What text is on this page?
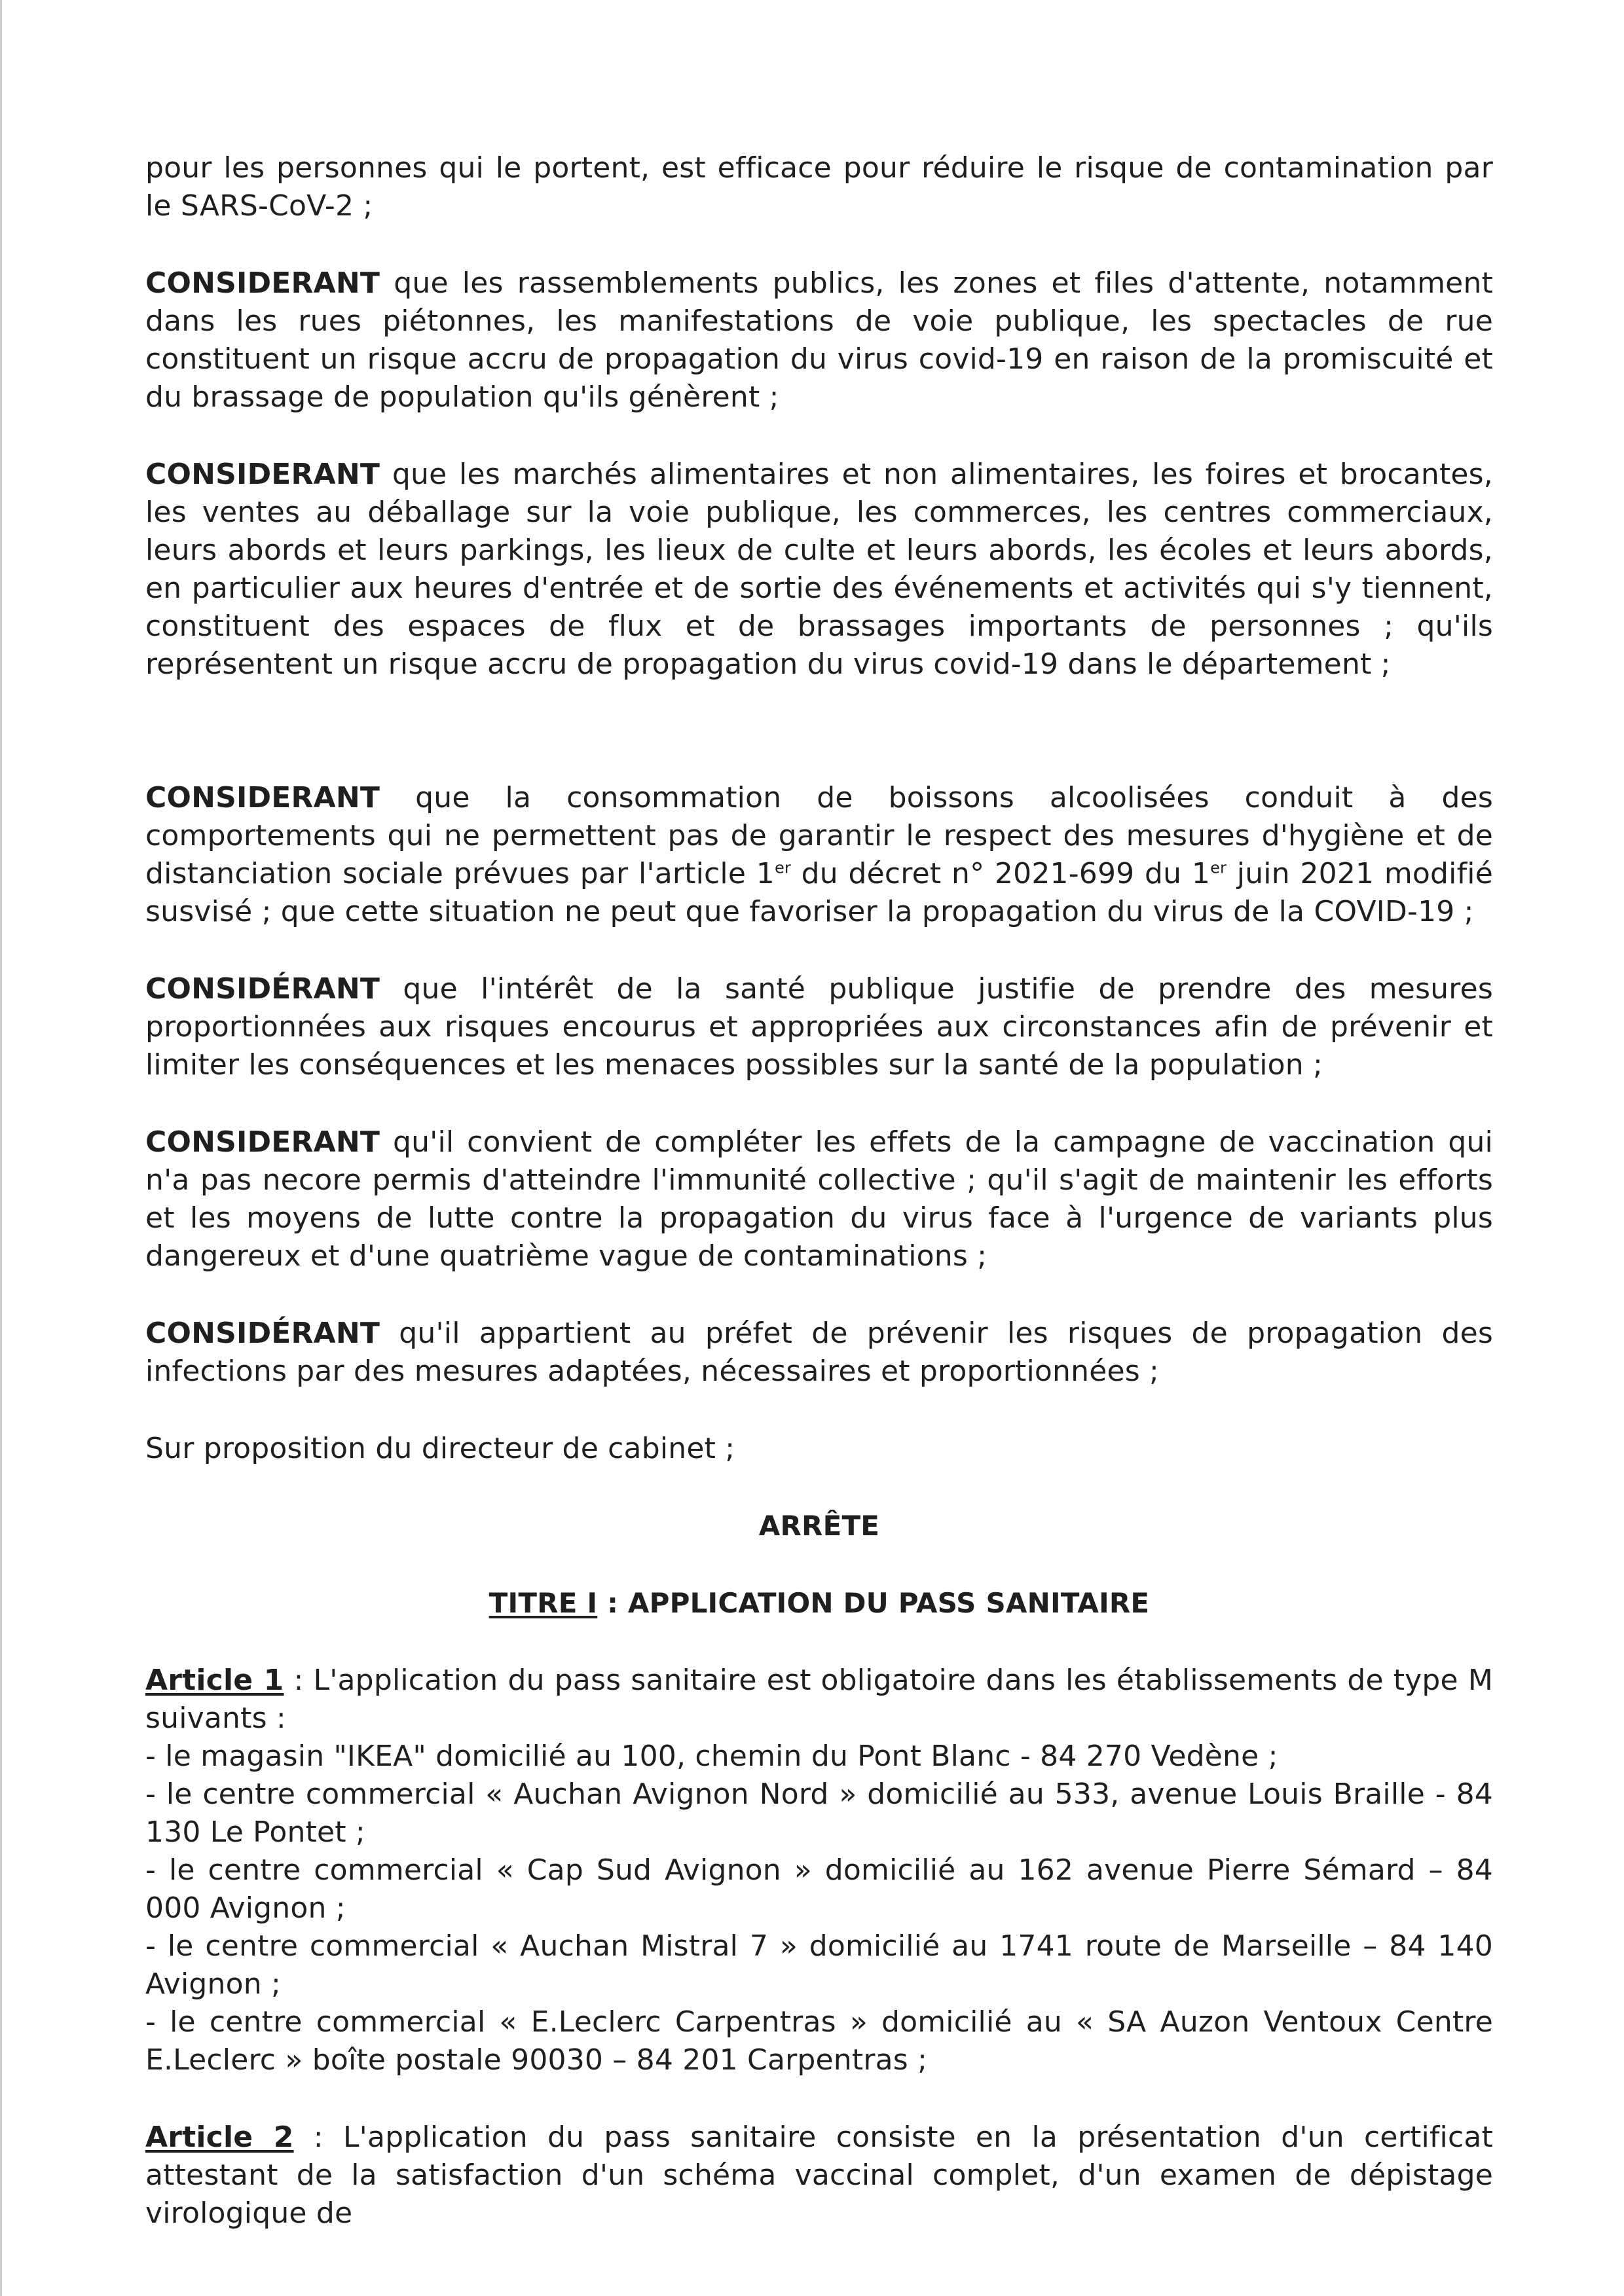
pour les personnes qui le portent, est efficace pour réduire le risque de contamination par le SARS-CoV-2 ;

CONSIDERANT que les rassemblements publics, les zones et files d'attente, notamment dans les rues piétonnes, les manifestations de voie publique, les spectacles de rue constituent un risque accru de propagation du virus covid-19 en raison de la promiscuité et du brassage de population qu'ils génèrent ;

CONSIDERANT que les marchés alimentaires et non alimentaires, les foires et brocantes, les ventes au déballage sur la voie publique, les commerces, les centres commerciaux, leurs abords et leurs parkings, les lieux de culte et leurs abords, les écoles et leurs abords, en particulier aux heures d'entrée et de sortie des événements et activités qui s'y tiennent, constituent des espaces de flux et de brassages importants de personnes ; qu'ils représentent un risque accru de propagation du virus covid-19 dans le département ;

CONSIDERANT que la consommation de boissons alcoolisées conduit à des comportements qui ne permettent pas de garantir le respect des mesures d'hygiène et de distanciation sociale prévues par l'article 1er du décret n° 2021-699 du 1er juin 2021 modifié susvisé ; que cette situation ne peut que favoriser la propagation du virus de la COVID-19 ;

CONSIDÉRANT que l'intérêt de la santé publique justifie de prendre des mesures proportionnées aux risques encourus et appropriées aux circonstances afin de prévenir et limiter les conséquences et les menaces possibles sur la santé de la population ;

CONSIDERANT qu'il convient de compléter les effets de la campagne de vaccination qui n'a pas necore permis d'atteindre l'immunité collective ; qu'il s'agit de maintenir les efforts et les moyens de lutte contre la propagation du virus face à l'urgence de variants plus dangereux et d'une quatrième vague de contaminations ;

CONSIDÉRANT qu'il appartient au préfet de prévenir les risques de propagation des infections par des mesures adaptées, nécessaires et proportionnées ;

Sur proposition du directeur de cabinet ;

ARRÊTE

TITRE I : APPLICATION DU PASS SANITAIRE

Article 1 : L'application du pass sanitaire est obligatoire dans les établissements de type M suivants :
- le magasin "IKEA" domicilié au 100, chemin du Pont Blanc - 84 270 Vedène ;
- le centre commercial « Auchan Avignon Nord » domicilié au 533, avenue Louis Braille - 84 130 Le Pontet ;
- le centre commercial « Cap Sud Avignon » domicilié au 162 avenue Pierre Sémard – 84 000 Avignon ;
- le centre commercial « Auchan Mistral 7 » domicilié au 1741 route de Marseille – 84 140 Avignon ;
- le centre commercial « E.Leclerc Carpentras » domicilié au « SA Auzon Ventoux Centre E.Leclerc » boîte postale 90030 – 84 201 Carpentras ;

Article 2 : L'application du pass sanitaire consiste en la présentation d'un certificat attestant de la satisfaction d'un schéma vaccinal complet, d'un examen de dépistage virologique de
